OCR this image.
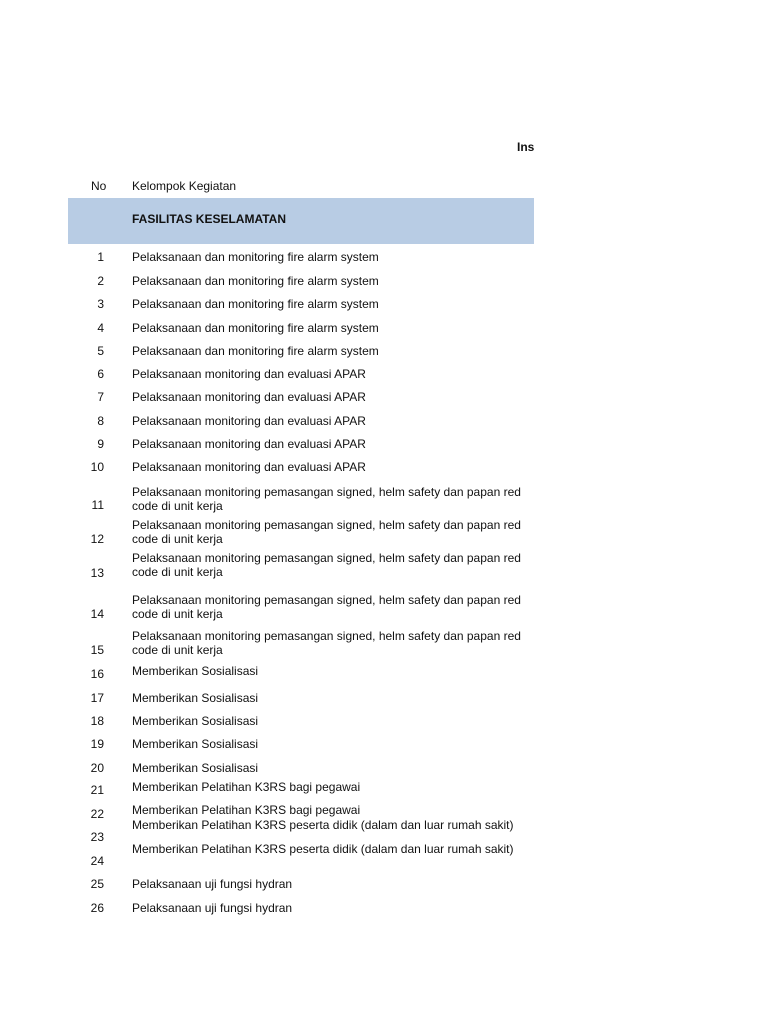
Ins
No Kelompok Kegiatan
FASILITAS KESELAMATAN
1 Pelaksanaan dan monitoring fire alarm system
2 Pelaksanaan dan monitoring fire alarm system
3 Pelaksanaan dan monitoring fire alarm system
4 Pelaksanaan dan monitoring fire alarm system
5 Pelaksanaan dan monitoring fire alarm system
6 Pelaksanaan monitoring dan evaluasi APAR
7 Pelaksanaan monitoring dan evaluasi APAR
8 Pelaksanaan monitoring dan evaluasi APAR
9 Pelaksanaan monitoring dan evaluasi APAR
10 Pelaksanaan monitoring dan evaluasi APAR
11
Pelaksanaan monitoring pemasangan signed, helm safety dan papan red code di unit kerja
12
Pelaksanaan monitoring pemasangan signed, helm safety dan papan red code di unit kerja
13
Pelaksanaan monitoring pemasangan signed, helm safety dan papan red code di unit kerja
14
Pelaksanaan monitoring pemasangan signed, helm safety dan papan red code di unit kerja
15
Pelaksanaan monitoring pemasangan signed, helm safety dan papan red code di unit kerja
16 Memberikan Sosialisasi
17 Memberikan Sosialisasi
18 Memberikan Sosialisasi
19 Memberikan Sosialisasi
20 Memberikan Sosialisasi
21 Memberikan Pelatihan K3RS bagi pegawai
22 Memberikan Pelatihan K3RS bagi pegawai
23
Memberikan Pelatihan K3RS peserta didik (dalam dan luar rumah sakit)
24
Memberikan Pelatihan K3RS peserta didik (dalam dan luar rumah sakit)
25 Pelaksanaan uji fungsi hydran
26 Pelaksanaan uji fungsi hydran
